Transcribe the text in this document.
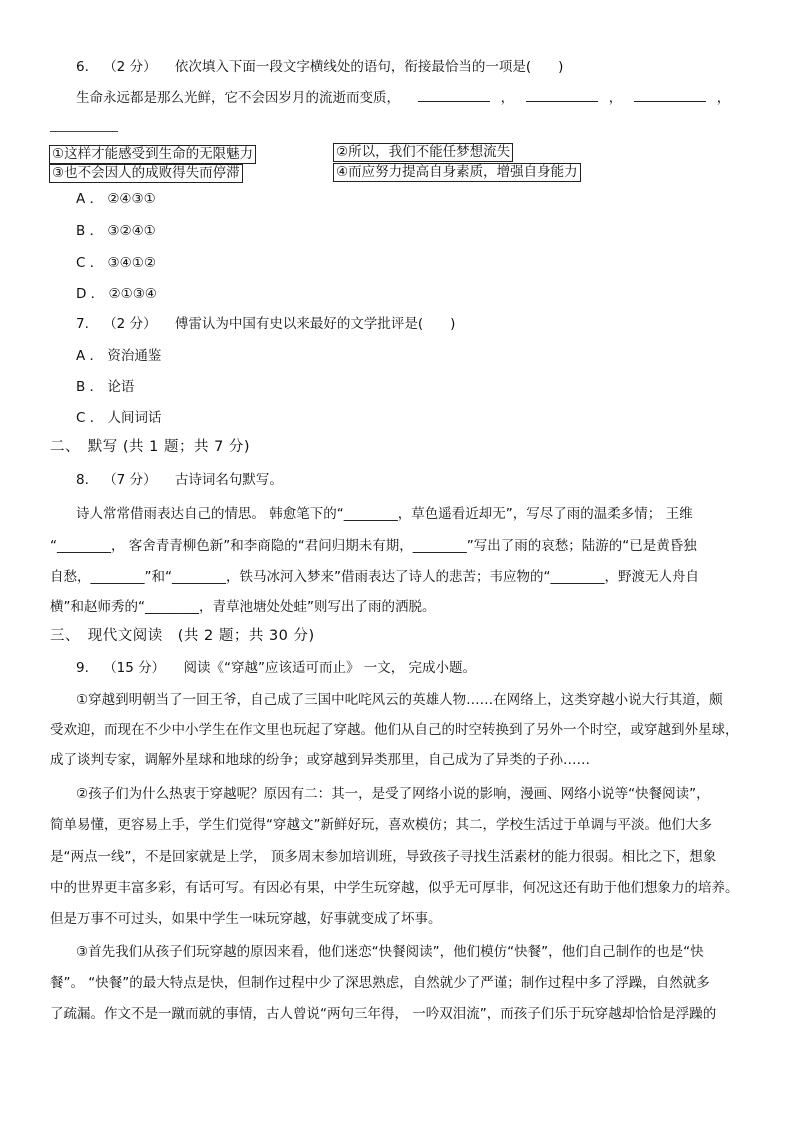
6. （2 分） 依次填入下面一段文字横线处的语句，衔接最恰当的一项是(　　)
生命永远都是那么光鲜，它不会因岁月的流逝而变质，	，	，	，
①这样才能感受到生命的无限魅力	②所以，我们不能任梦想流失
③也不会因人的成败得失而停滞	④而应努力提高自身素质，增强自身能力
A ． ②④③①
B ． ③②④①
C ． ③④①②
D ． ②①③④
7. （2 分） 傅雷认为中国有史以来最好的文学批评是(　　)
A ． 资治通鉴
B ． 论语
C ． 人间词话
二、　默写 (共 1 题；共 7 分)
8. （7 分） 古诗词名句默写。
诗人常常借雨表达自己的情思。 韩愈笔下的“________，草色遥看近却无”，写尽了雨的温柔多情； 王维
“________， 客舍青青柳色新”和李商隐的“君问归期未有期，________”写出了雨的哀愁；陆游的“已是黄昏独
自愁，________”和“________，铁马冰河入梦来”借雨表达了诗人的悲苦；韦应物的“________，野渡无人舟自
横”和赵师秀的“________，青草池塘处处蛙”则写出了雨的洒脱。
三、　现代文阅读　(共 2 题；共 30 分)
9. （15 分） 阅读《“穿越”应该适可而止》 一文， 完成小题。
①穿越到明朝当了一回王爷，自己成了三国中叱咤风云的英雄人物……在网络上，这类穿越小说大行其道，颇
受欢迎，而现在不少中小学生在作文里也玩起了穿越。他们从自己的时空转换到了另外一个时空，或穿越到外星球，
成了谈判专家，调解外星球和地球的纷争；或穿越到异类那里，自己成为了异类的子孙……
②孩子们为什么热衷于穿越呢？原因有二：其一，是受了网络小说的影响，漫画、网络小说等“快餐阅读”，
简单易懂，更容易上手，学生们觉得“穿越文”新鲜好玩，喜欢模仿；其二，学校生活过于单调与平淡。他们大多
是“两点一线”，不是回家就是上学， 顶多周末参加培训班，导致孩子寻找生活素材的能力很弱。相比之下，想象
中的世界更丰富多彩，有话可写。有因必有果，中学生玩穿越，似乎无可厚非，何况这还有助于他们想象力的培养。
但是万事不可过头，如果中学生一味玩穿越，好事就变成了坏事。
③首先我们从孩子们玩穿越的原因来看，他们迷恋“快餐阅读”，他们模仿“快餐”，他们自己制作的也是“快
餐”。 “快餐”的最大特点是快，但制作过程中少了深思熟虑，自然就少了严谨；制作过程中多了浮躁，自然就多
了疏漏。作文不是一蹴而就的事情，古人曾说“两句三年得， 一吟双泪流”，而孩子们乐于玩穿越却恰恰是浮躁的
